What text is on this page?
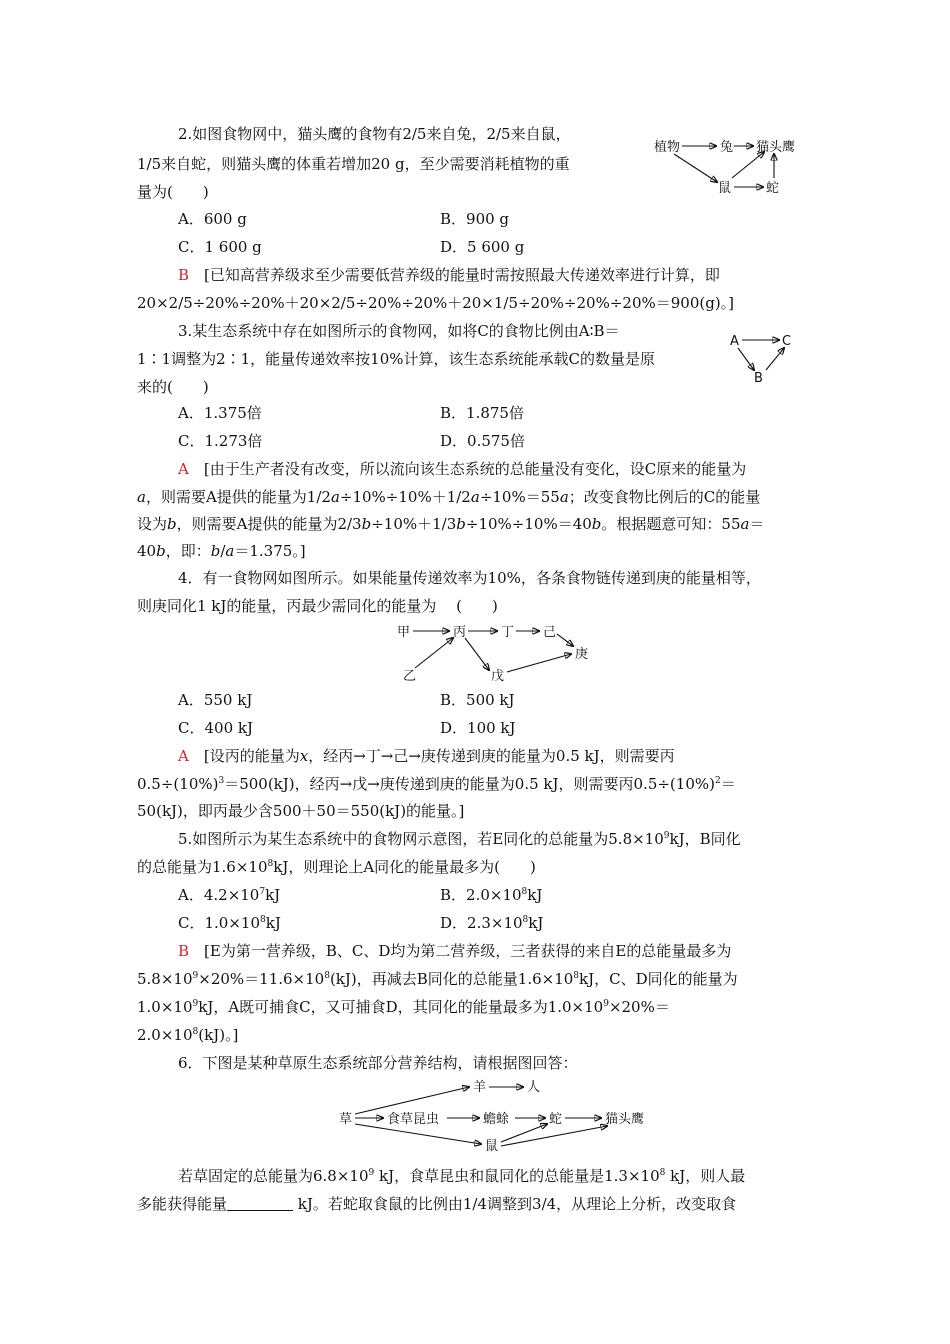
2.如图食物网中，猫头鹰的食物有2/5来自兔，2/5来自鼠，
1/5来自蛇，则猫头鹰的体重若增加20 g，至少需要消耗植物的重
量为(　　)
植物	兔 猫头鹰
鼠	蛇
A．600 g	B．900 g
C．1 600 g	D．5 600 g
B　 [已知高营养级求至少需要低营养级的能量时需按照最大传递效率进行计算，即
20×2/5÷20%÷20%＋20×2/5÷20%÷20%＋20×1/5÷20%÷20%÷20%＝900(g)。]
3.某生态系统中存在如图所示的食物网，如将C的食物比例由A∶B＝
1∶1调整为2∶1，能量传递效率按10%计算，该生态系统能承载C的数量是原
来的(　　)
A	C
B
A．1.375倍	B．1.875倍
C．1.273倍	D．0.575倍
A　 [由于生产者没有改变，所以流向该生态系统的总能量没有变化，设C原来的能量为
a，则需要A提供的能量为1/2a÷10%÷10%＋1/2a÷10%＝55a；改变食物比例后的C的能量
设为b，则需要A提供的能量为2/3b÷10%＋1/3b÷10%÷10%＝40b。根据题意可知：55a＝
40b，即：b/a＝1.375。]
4．有一食物网如图所示。如果能量传递效率为10%，各条食物链传递到庚的能量相等，
则庚同化1 kJ的能量，丙最少需同化的能量为　 (　　)
甲	丙	丁 己
乙	戊
庚
A．550 kJ	B．500 kJ
C．400 kJ	D．100 kJ
A　 [设丙的能量为x，经丙→丁→己→庚传递到庚的能量为0.5 kJ，则需要丙
$0.5\div(10\%)^3=500(kJ)$，经丙→戊→庚传递到庚的能量为0.5 kJ，则需要丙$0.5\div(10\%)^2=$
50(kJ)，即丙最少含500＋50＝550(kJ)的能量。]
5.如图所示为某生态系统中的食物网示意图，若E同化的总能量为$5.8\times 10^9kJ$，B同化
的总能量为$1.6\times 10^8kJ$，则理论上A同化的能量最多为(　　)
A．$4.2\times 10^7kJ$	B．$2.0\times 10^8kJ$
C．$1.0\times 10^8kJ$	D．$2.3\times 10^8kJ$
B　 [E为第一营养级，B、C、D均为第二营养级，三者获得的来自E的总能量最多为
$5.8\times 10^9\times 20\%=11.6\times 10^8(kJ)$，再减去B同化的总能量$1.6\times 10^8kJ$，C、D同化的能量为
$1.0\times 10^9kJ$，A既可捕食C，又可捕食D，其同化的能量最多为$1.0\times 10^9\times 20\%=$
$2.0\times 10^8(kJ)$。]
6．下图是某种草原生态系统部分营养结构，请根据图回答：
羊	人
草	食草昆虫	蟾蜍	蛇	猫头鹰
鼠
若草固定的总能量为$6.8\times 10^9$ kJ，食草昆虫和鼠同化的总能量是$1.3\times 10^8$ kJ，则人最
多能获得能量	kJ。若蛇取食鼠的比例由1/4调整到3/4，从理论上分析，改变取食
